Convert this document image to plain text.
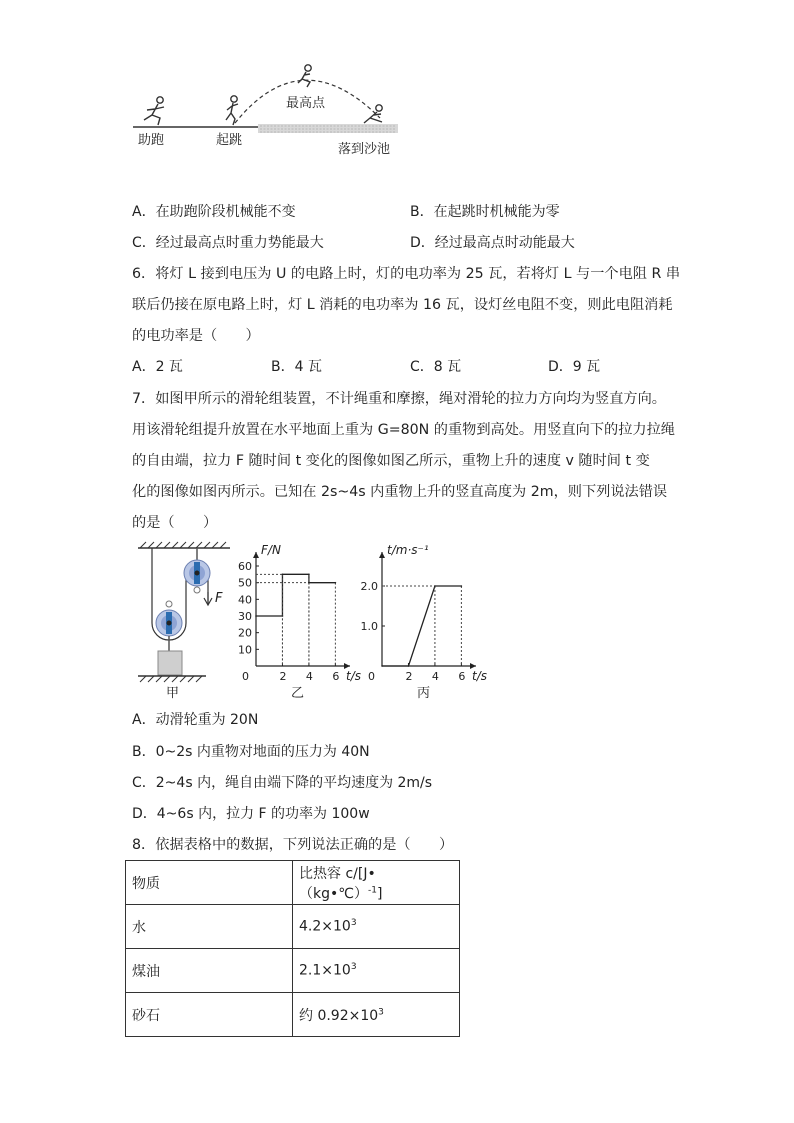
助跑	起跳
最高点
落到沙池
A．在助跑阶段机械能不变	B．在起跳时机械能为零
C．经过最高点时重力势能最大	D．经过最高点时动能最大
6．将灯 L 接到电压为 U 的电路上时，灯的电功率为 25 瓦，若将灯 L 与一个电阻 R 串
联后仍接在原电路上时，灯 L 消耗的电功率为 16 瓦，设灯丝电阻不变，则此电阻消耗
的电功率是（　　）
A．2 瓦	B．4 瓦	C．8 瓦	D．9 瓦
7．如图甲所示的滑轮组装置，不计绳重和摩擦，绳对滑轮的拉力方向均为竖直方向。
用该滑轮组提升放置在水平地面上重为 G=80N 的重物到高处。用竖直向下的拉力拉绳
的自由端，拉力 F 随时间 t 变化的图像如图乙所示，重物上升的速度 v 随时间 t 变
化的图像如图丙所示。已知在 2s~4s 内重物上升的竖直高度为 2m，则下列说法错误
的是（　　）
F
甲
F/N
t/s
0	2 4 6
10
20
30
40
50
60
乙
t/m·s⁻¹
t/s
0	2 4 6
1.0
2.0
丙
A．动滑轮重为 20N
B．0~2s 内重物对地面的压力为 40N
C．2~4s 内，绳自由端下降的平均速度为 2m/s
D．4~6s 内，拉力 F 的功率为 100w
8．依据表格中的数据，下列说法正确的是（　　）
物质	比热容 c/[J•（kg•℃）$^{-1}$]
水	$4.2\times 10^3$
煤油	$2.1\times 10^3$
砂石	约 $0.92\times 10^3$
